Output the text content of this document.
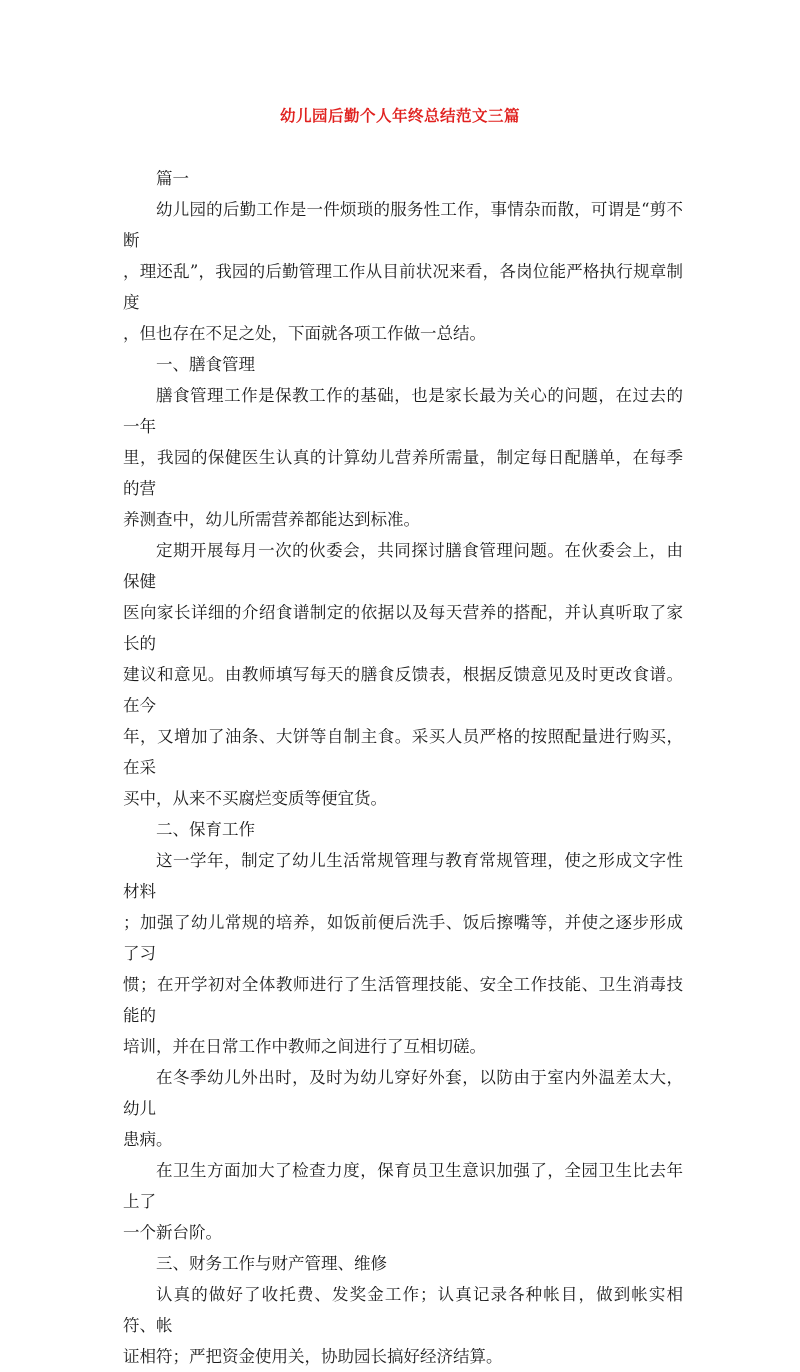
幼儿园后勤个人年终总结范文三篇
篇一
幼儿园的后勤工作是一件烦琐的服务性工作，事情杂而散，可谓是“剪不断
，理还乱”，我园的后勤管理工作从目前状况来看，各岗位能严格执行规章制度
，但也存在不足之处，下面就各项工作做一总结。
一、膳食管理
膳食管理工作是保教工作的基础，也是家长最为关心的问题，在过去的一年
里，我园的保健医生认真的计算幼儿营养所需量，制定每日配膳单，在每季的营
养测查中，幼儿所需营养都能达到标准。
定期开展每月一次的伙委会，共同探讨膳食管理问题。在伙委会上，由保健
医向家长详细的介绍食谱制定的依据以及每天营养的搭配，并认真听取了家长的
建议和意见。由教师填写每天的膳食反馈表，根据反馈意见及时更改食谱。在今
年，又增加了油条、大饼等自制主食。采买人员严格的按照配量进行购买，在采
买中，从来不买腐烂变质等便宜货。
二、保育工作
这一学年，制定了幼儿生活常规管理与教育常规管理，使之形成文字性材料
；加强了幼儿常规的培养，如饭前便后洗手、饭后擦嘴等，并使之逐步形成了习
惯；在开学初对全体教师进行了生活管理技能、安全工作技能、卫生消毒技能的
培训，并在日常工作中教师之间进行了互相切磋。
在冬季幼儿外出时，及时为幼儿穿好外套，以防由于室内外温差太大，幼儿
患病。
在卫生方面加大了检查力度，保育员卫生意识加强了，全园卫生比去年上了
一个新台阶。
三、财务工作与财产管理、维修
认真的做好了收托费、发奖金工作；认真记录各种帐目，做到帐实相符、帐
证相符；严把资金使用关，协助园长搞好经济结算。
